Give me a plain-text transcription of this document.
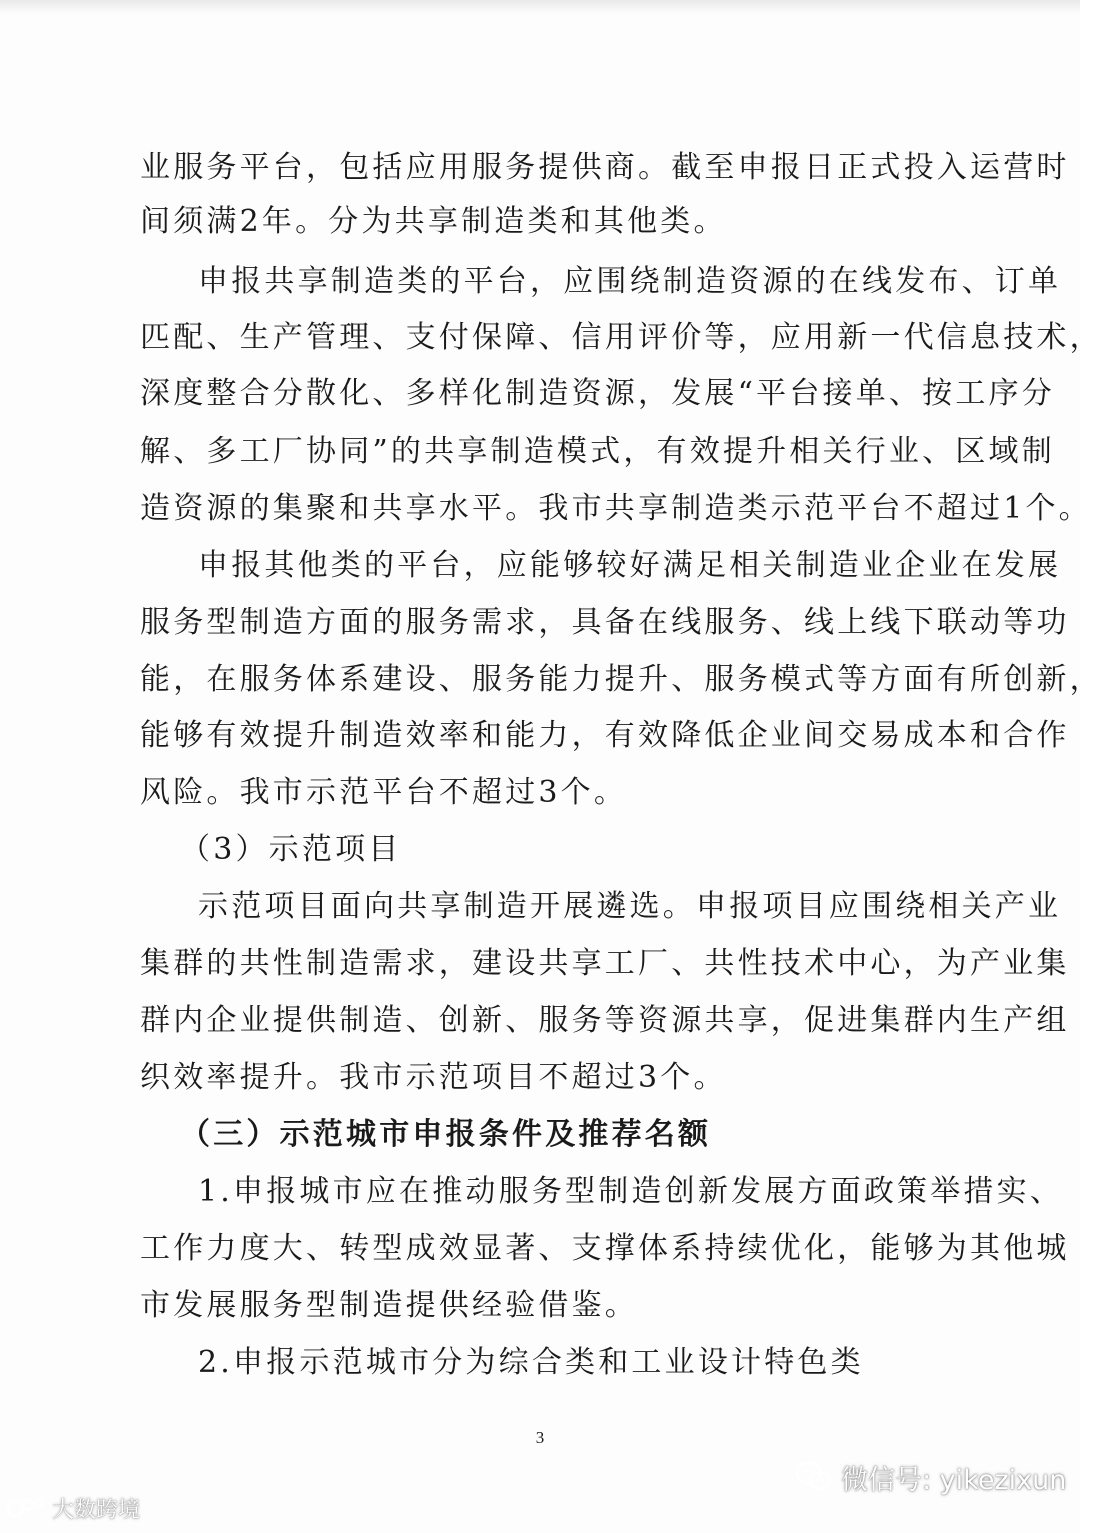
业服务平台，包括应用服务提供商。截至申报日正式投入运营时
间须满2年。分为共享制造类和其他类。
申报共享制造类的平台，应围绕制造资源的在线发布、订单
匹配、生产管理、支付保障、信用评价等，应用新一代信息技术，
深度整合分散化、多样化制造资源，发展“平台接单、按工序分
解、多工厂协同”的共享制造模式，有效提升相关行业、区域制
造资源的集聚和共享水平。我市共享制造类示范平台不超过1个。
申报其他类的平台，应能够较好满足相关制造业企业在发展
服务型制造方面的服务需求，具备在线服务、线上线下联动等功
能，在服务体系建设、服务能力提升、服务模式等方面有所创新，
能够有效提升制造效率和能力，有效降低企业间交易成本和合作
风险。我市示范平台不超过3个。
（3）示范项目
示范项目面向共享制造开展遴选。申报项目应围绕相关产业
集群的共性制造需求，建设共享工厂、共性技术中心，为产业集
群内企业提供制造、创新、服务等资源共享，促进集群内生产组
织效率提升。我市示范项目不超过3个。
（三）示范城市申报条件及推荐名额
1.申报城市应在推动服务型制造创新发展方面政策举措实、
工作力度大、转型成效显著、支撑体系持续优化，能够为其他城
市发展服务型制造提供经验借鉴。
2.申报示范城市分为综合类和工业设计特色类
3
微信号: yikezixun
大数跨境
